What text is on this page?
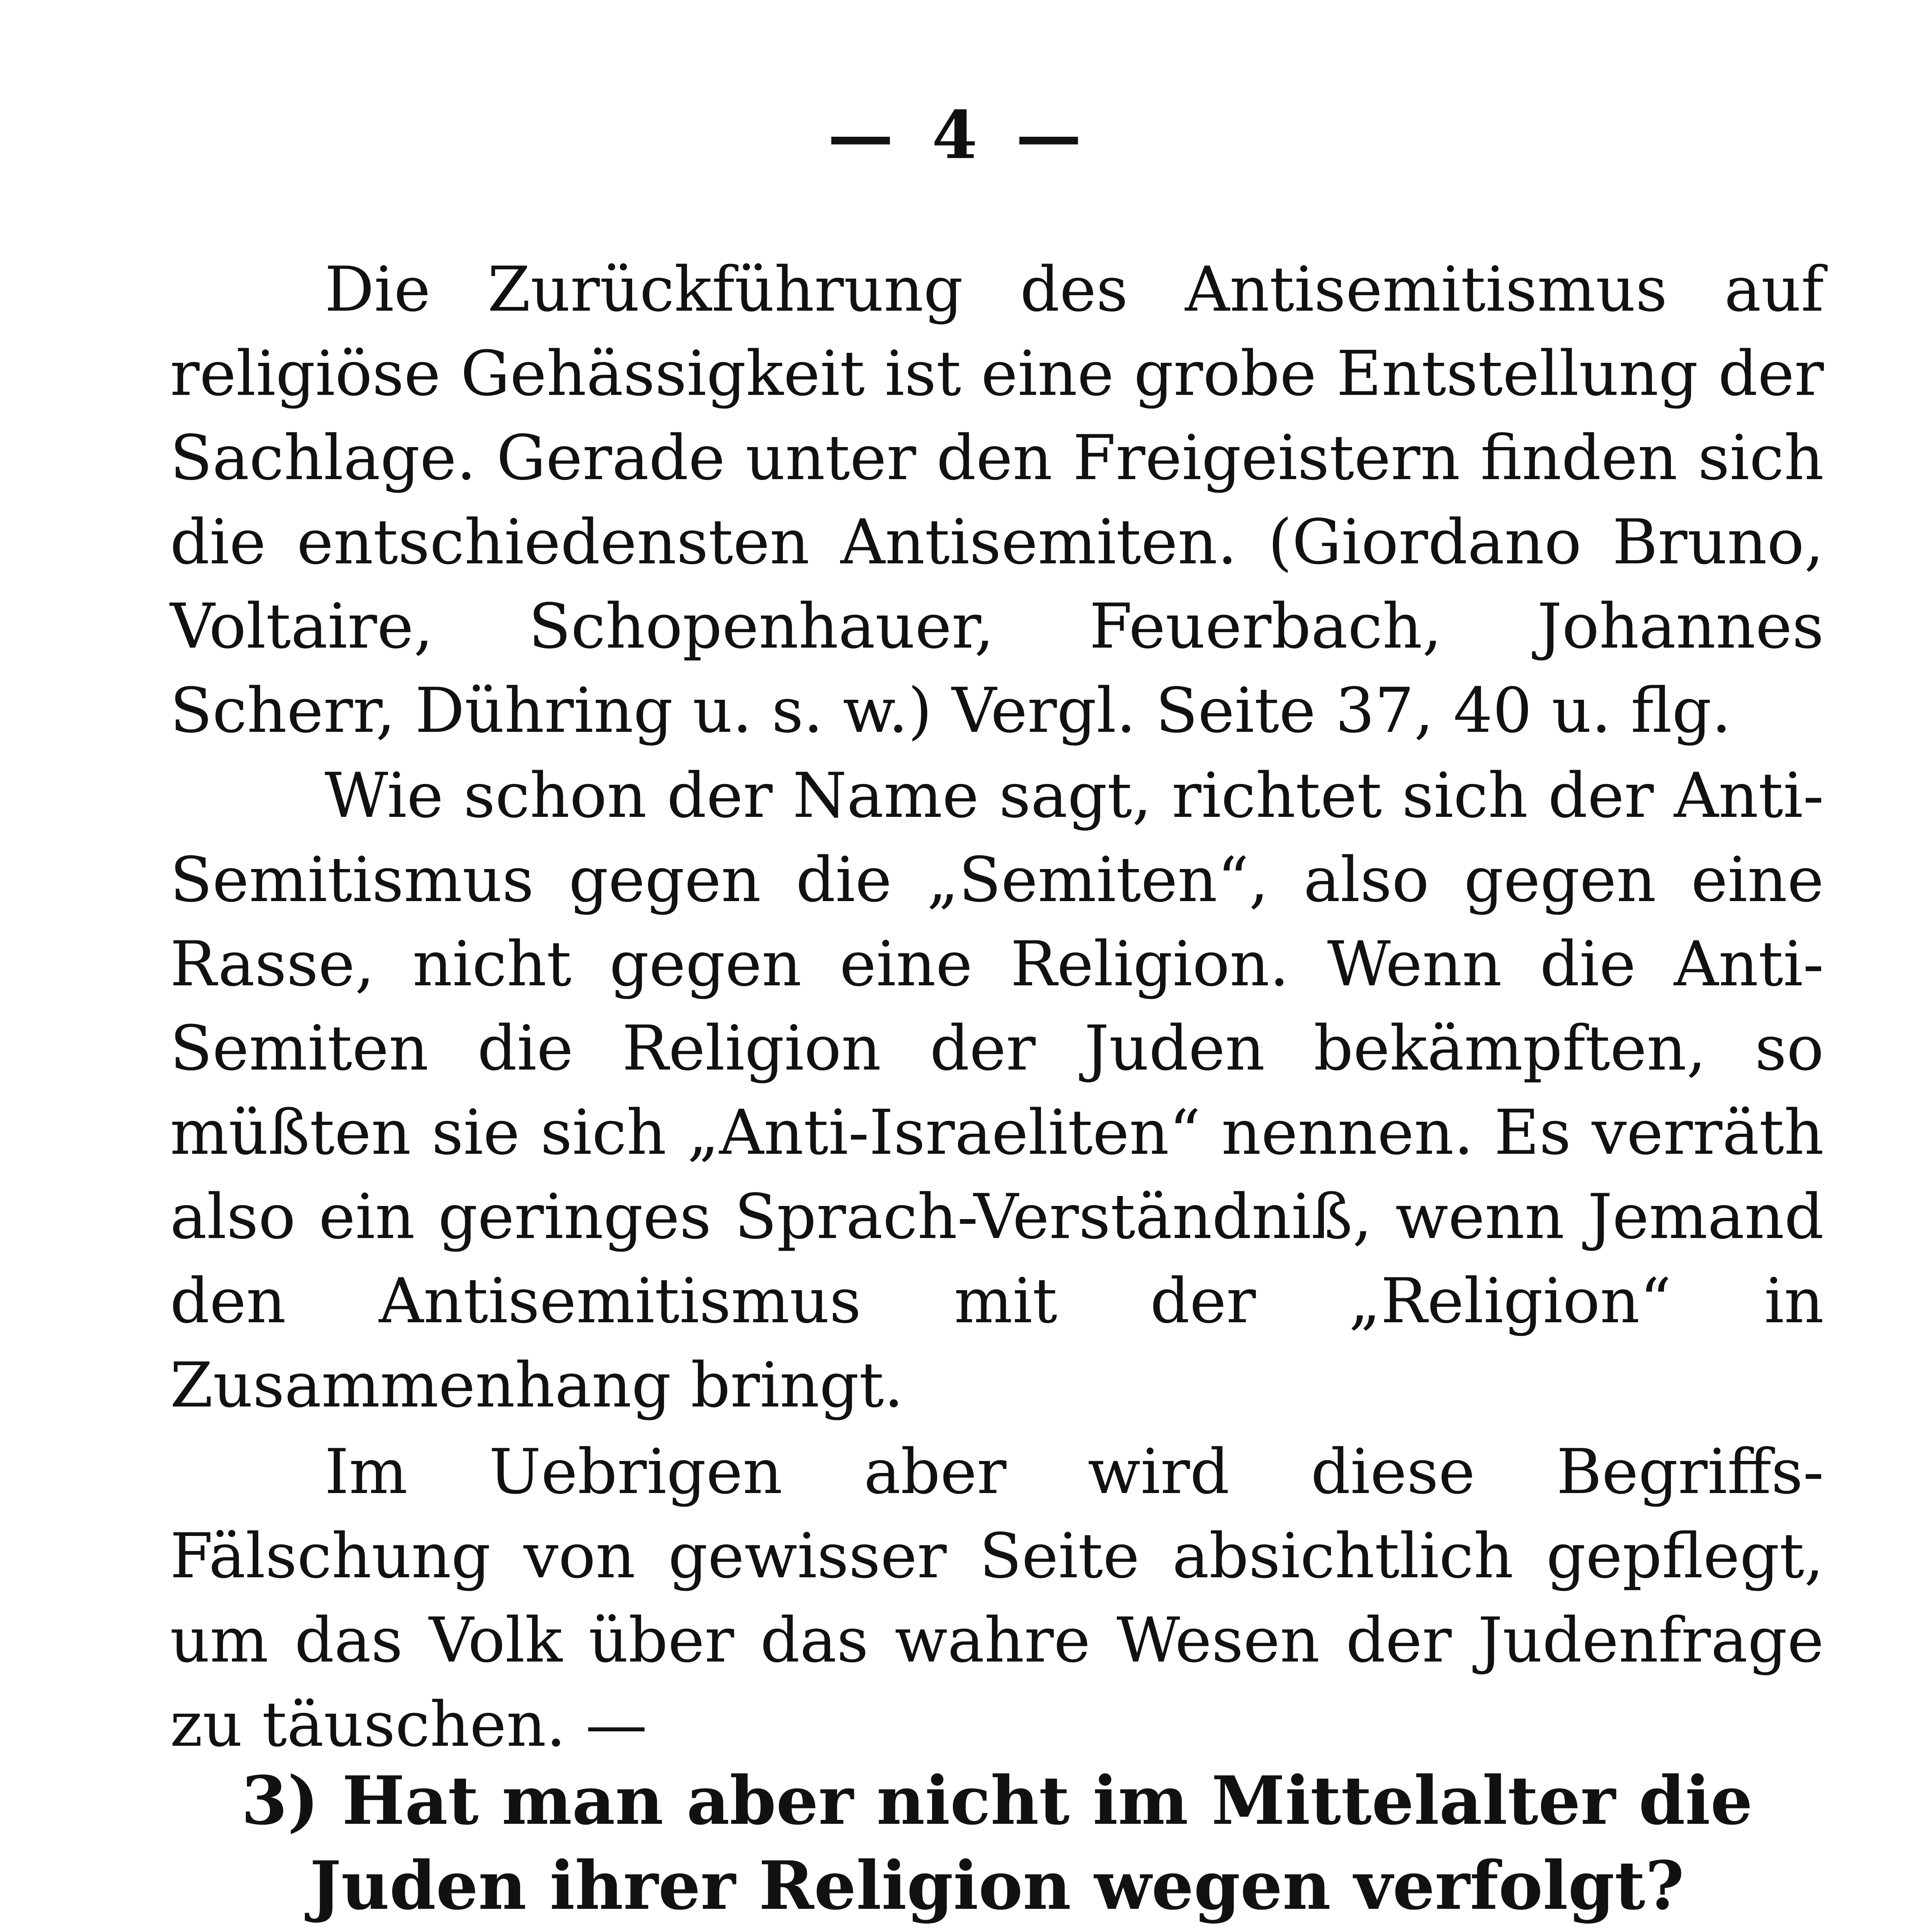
— 4 —

Die Zurückführung des Antisemitismus auf religiöse Gehässigkeit ist eine grobe Entstellung der Sachlage. Gerade unter den Freigeistern finden sich die entschiedensten Antisemiten. (Giordano Bruno, Voltaire, Schopenhauer, Feuerbach, Johannes Scherr, Dühring u. s. w.) Vergl. Seite 37, 40 u. flg.

Wie schon der Name sagt, richtet sich der Anti-Semitismus gegen die „Semiten“, also gegen eine Rasse, nicht gegen eine Religion. Wenn die Anti-Semiten die Religion der Juden bekämpften, so müßten sie sich „Anti-Israeliten“ nennen. Es verräth also ein geringes Sprach-Verständniß, wenn Jemand den Antisemitismus mit der „Religion“ in Zusammenhang bringt.

Im Uebrigen aber wird diese Begriffs-Fälschung von gewisser Seite absichtlich gepflegt, um das Volk über das wahre Wesen der Judenfrage zu täuschen. —

3) Hat man aber nicht im Mittelalter die Juden ihrer Religion wegen verfolgt?
